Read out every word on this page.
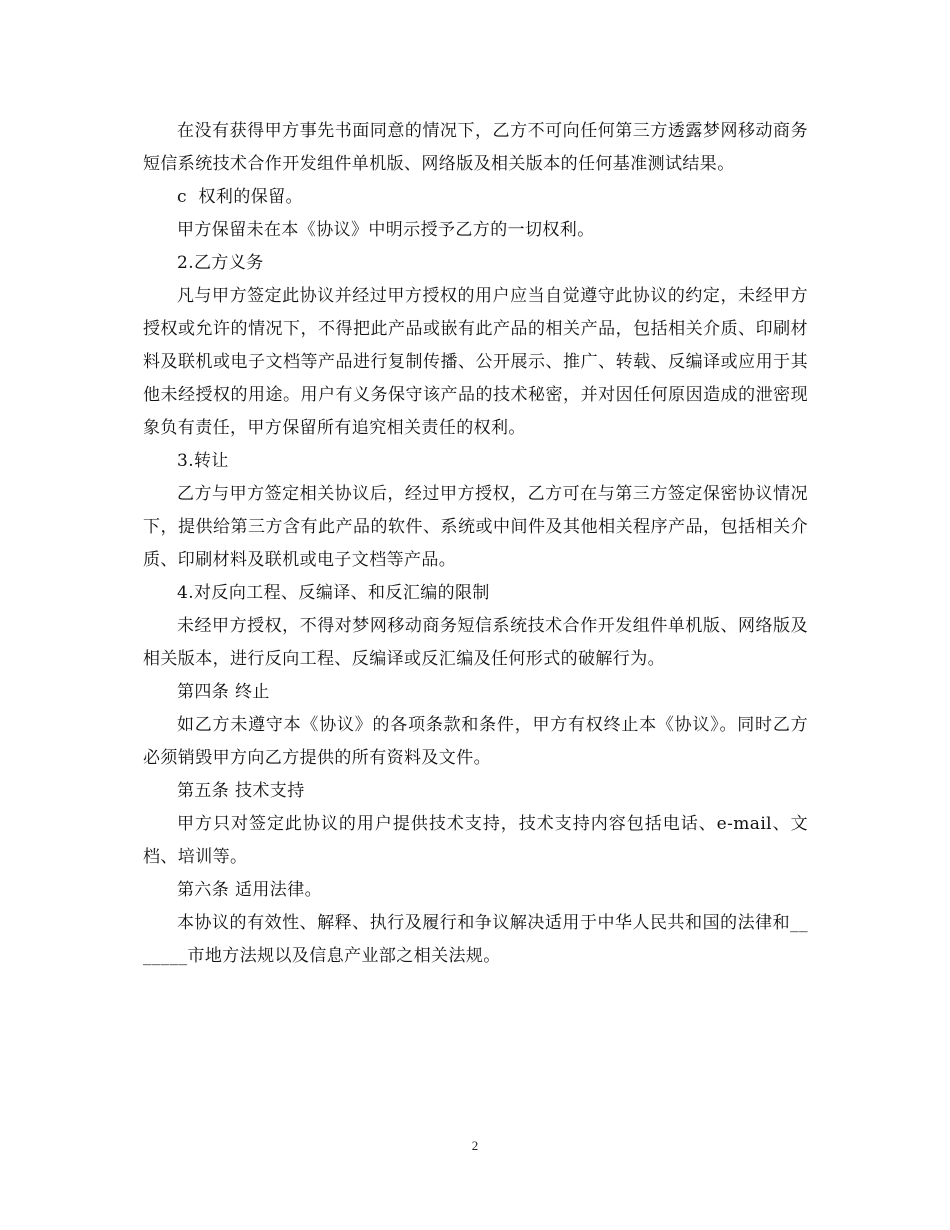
在没有获得甲方事先书面同意的情况下，乙方不可向任何第三方透露梦网移动商务短信系统技术合作开发组件单机版、网络版及相关版本的任何基准测试结果。

c  权利的保留。

甲方保留未在本《协议》中明示授予乙方的一切权利。

2.乙方义务

凡与甲方签定此协议并经过甲方授权的用户应当自觉遵守此协议的约定，未经甲方授权或允许的情况下，不得把此产品或嵌有此产品的相关产品，包括相关介质、印刷材料及联机或电子文档等产品进行复制传播、公开展示、推广、转载、反编译或应用于其他未经授权的用途。用户有义务保守该产品的技术秘密，并对因任何原因造成的泄密现象负有责任，甲方保留所有追究相关责任的权利。

3.转让

乙方与甲方签定相关协议后，经过甲方授权，乙方可在与第三方签定保密协议情况下，提供给第三方含有此产品的软件、系统或中间件及其他相关程序产品，包括相关介质、印刷材料及联机或电子文档等产品。

4.对反向工程、反编译、和反汇编的限制

未经甲方授权，不得对梦网移动商务短信系统技术合作开发组件单机版、网络版及相关版本，进行反向工程、反编译或反汇编及任何形式的破解行为。

第四条 终止

如乙方未遵守本《协议》的各项条款和条件，甲方有权终止本《协议》。同时乙方必须销毁甲方向乙方提供的所有资料及文件。

第五条 技术支持

甲方只对签定此协议的用户提供技术支持，技术支持内容包括电话、e-mail、文档、培训等。

第六条 适用法律。

本协议的有效性、解释、执行及履行和争议解决适用于中华人民共和国的法律和_______市地方法规以及信息产业部之相关法规。

2
